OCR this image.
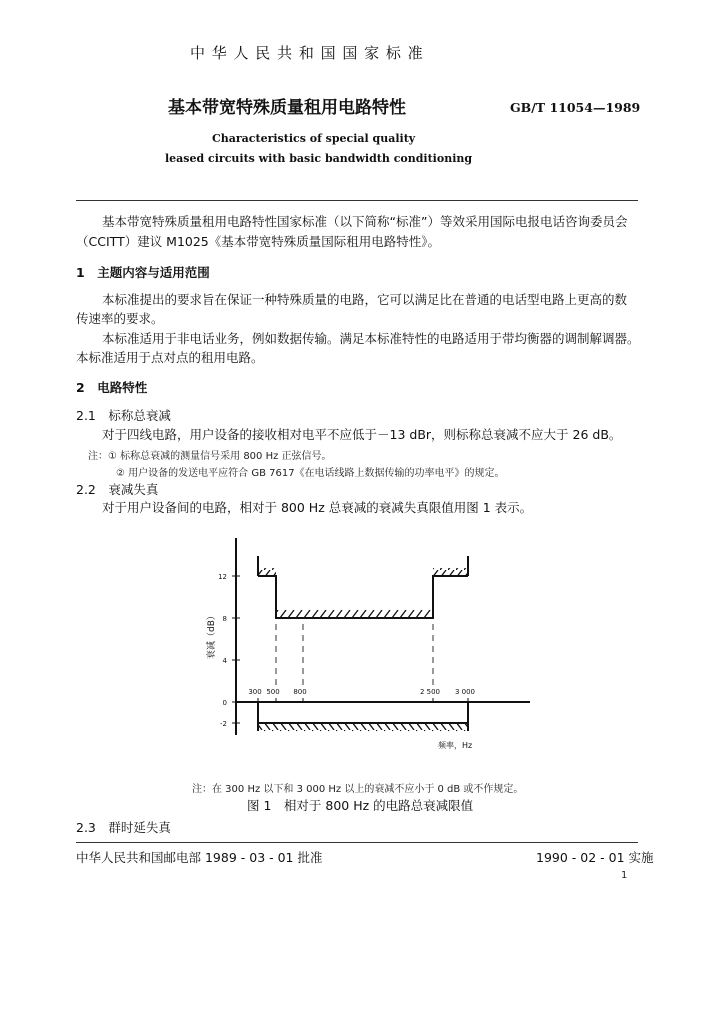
中 华 人 民 共 和 国 国 家 标 准
基本带宽特殊质量租用电路特性	GB/T 11054—1989
Characteristics of special quality
leased circuits with basic bandwidth conditioning
基本带宽特殊质量租用电路特性国家标准（以下简称“标准”）等效采用国际电报电话咨询委员会
（CCITT）建议 M1025《基本带宽特殊质量国际租用电路特性》。
1　主题内容与适用范围
本标准提出的要求旨在保证一种特殊质量的电路，它可以满足比在普通的电话型电路上更高的数
传速率的要求。
本标准适用于非电话业务，例如数据传输。满足本标准特性的电路适用于带均衡器的调制解调器。
本标准适用于点对点的租用电路。
2　电路特性
2.1　标称总衰减
对于四线电路，用户设备的接收相对电平不应低于－13 dBr，则标称总衰减不应大于 26 dB。
注：① 标称总衰减的测量信号采用 800 Hz 正弦信号。
② 用户设备的发送电平应符合 GB 7617《在电话线路上数据传输的功率电平》的规定。
2.2　衰减失真
对于用户设备间的电路，相对于 800 Hz 总衰减的衰减失真限值用图 1 表示。
12
8
4
0
-2
衰减（dB）
300 500 800	2 500 3 000
频率，Hz
注：在 300 Hz 以下和 3 000 Hz 以上的衰减不应小于 0 dB 或不作规定。
图 1　相对于 800 Hz 的电路总衰减限值
2.3　群时延失真
中华人民共和国邮电部 1989 - 03 - 01 批准	1990 - 02 - 01 实施
1
